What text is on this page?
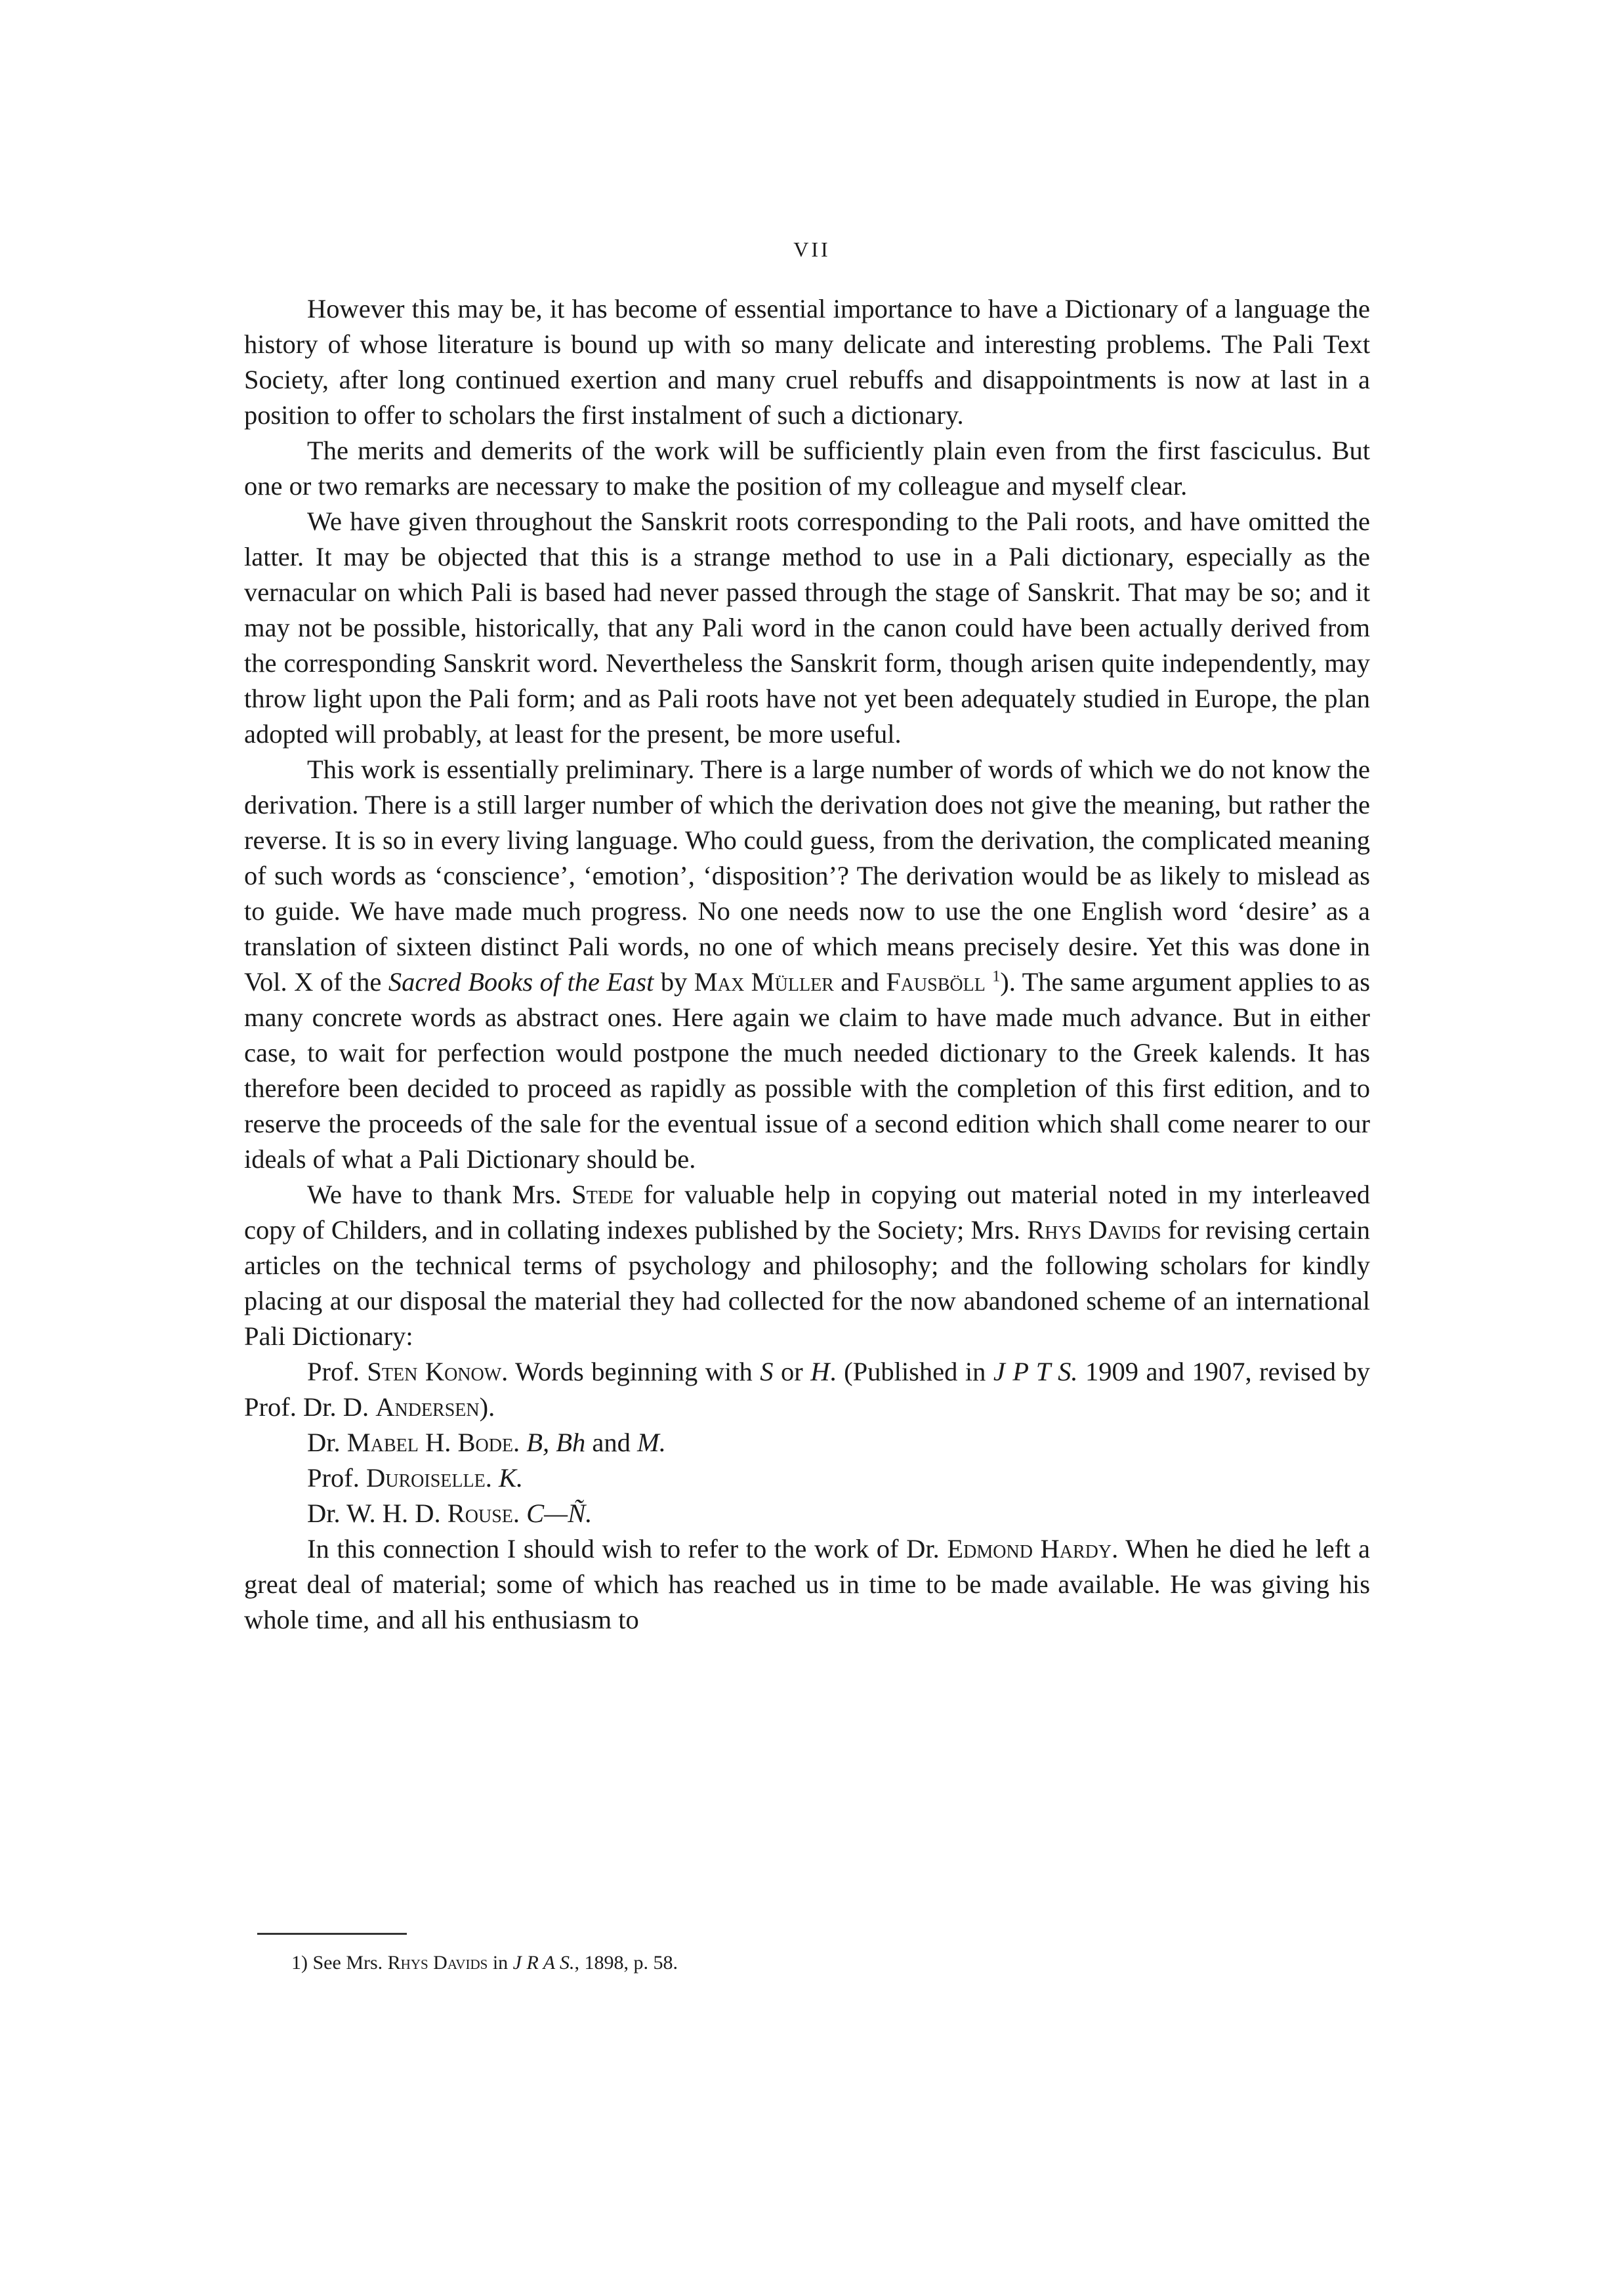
VII

However this may be, it has become of essential importance to have a Dictionary of a language the history of whose literature is bound up with so many delicate and interesting problems. The Pali Text Society, after long continued exertion and many cruel rebuffs and disappointments is now at last in a position to offer to scholars the first instalment of such a dictionary.

The merits and demerits of the work will be sufficiently plain even from the first fasciculus. But one or two remarks are necessary to make the position of my colleague and myself clear.

We have given throughout the Sanskrit roots corresponding to the Pali roots, and have omitted the latter. It may be objected that this is a strange method to use in a Pali dictionary, especially as the vernacular on which Pali is based had never passed through the stage of Sanskrit. That may be so; and it may not be possible, historically, that any Pali word in the canon could have been actually derived from the corresponding Sanskrit word. Nevertheless the Sanskrit form, though arisen quite independently, may throw light upon the Pali form; and as Pali roots have not yet been adequately studied in Europe, the plan adopted will probably, at least for the present, be more useful.

This work is essentially preliminary. There is a large number of words of which we do not know the derivation. There is a still larger number of which the derivation does not give the meaning, but rather the reverse. It is so in every living language. Who could guess, from the derivation, the complicated meaning of such words as ‘conscience’, ‘emotion’, ‘disposition’? The derivation would be as likely to mislead as to guide. We have made much progress. No one needs now to use the one English word ‘desire’ as a translation of sixteen distinct Pali words, no one of which means precisely desire. Yet this was done in Vol. X of the Sacred Books of the East by Max Müller and Fausböll $^1$). The same argument applies to as many concrete words as abstract ones. Here again we claim to have made much advance. But in either case, to wait for perfection would postpone the much needed dictionary to the Greek kalends. It has therefore been decided to proceed as rapidly as possible with the completion of this first edition, and to reserve the proceeds of the sale for the eventual issue of a second edition which shall come nearer to our ideals of what a Pali Dictionary should be.

We have to thank Mrs. Stede for valuable help in copying out material noted in my interleaved copy of Childers, and in collating indexes published by the Society; Mrs. Rhys Davids for revising certain articles on the technical terms of psychology and philosophy; and the following scholars for kindly placing at our disposal the material they had collected for the now abandoned scheme of an international Pali Dictionary:

Prof. Sten Konow. Words beginning with S or H. (Published in J P T S. 1909 and 1907, revised by Prof. Dr. D. Andersen).

Dr. Mabel H. Bode. B, Bh and M.

Prof. Duroiselle. K.

Dr. W. H. D. Rouse. C—Ñ.

In this connection I should wish to refer to the work of Dr. Edmond Hardy. When he died he left a great deal of material; some of which has reached us in time to be made available. He was giving his whole time, and all his enthusiasm to

1) See Mrs. Rhys Davids in J R A S., 1898, p. 58.
